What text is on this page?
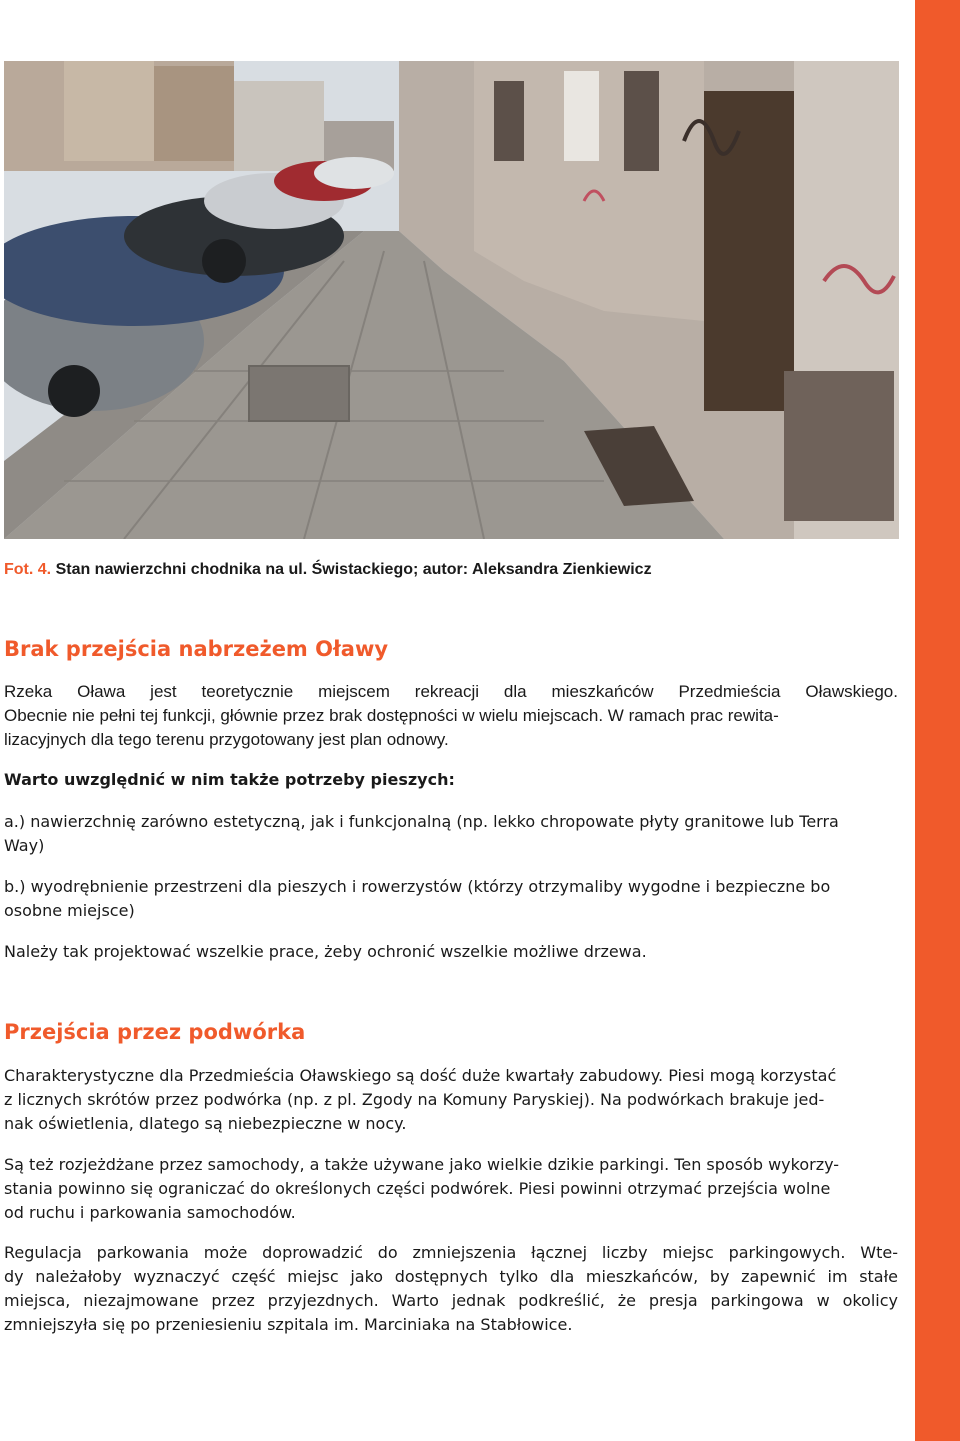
Fot. 4. Stan nawierzchni chodnika na ul. Świstackiego; autor: Aleksandra Zienkiewicz
Brak przejścia nabrzeżem Oławy
Rzeka Oława jest teoretycznie miejscem rekreacji dla mieszkańców Przedmieścia Oławskiego.
Obecnie nie pełni tej funkcji, głównie przez brak dostępności w wielu miejscach. W ramach prac rewita-
lizacyjnych dla tego terenu przygotowany jest plan odnowy.

Warto uwzględnić w nim także potrzeby pieszych:

a.) nawierzchnię zarówno estetyczną, jak i funkcjonalną (np. lekko chropowate płyty granitowe lub Terra
Way)
b.) wyodrębnienie przestrzeni dla pieszych i rowerzystów (którzy otrzymaliby wygodne i bezpieczne bo
osobne miejsce)

Należy tak projektować wszelkie prace, żeby ochronić wszelkie możliwe drzewa.

Przejścia przez podwórka
Charakterystyczne dla Przedmieścia Oławskiego są dość duże kwartały zabudowy. Piesi mogą korzystać
z licznych skrótów przez podwórka (np. z pl. Zgody na Komuny Paryskiej). Na podwórkach brakuje jed-
nak oświetlenia, dlatego są niebezpieczne w nocy.
Są też rozjeżdżane przez samochody, a także używane jako wielkie dzikie parkingi. Ten sposób wykorzy-
stania powinno się ograniczać do określonych części podwórek. Piesi powinni otrzymać przejścia wolne
od ruchu i parkowania samochodów.
Regulacja parkowania może doprowadzić do zmniejszenia łącznej liczby miejsc parkingowych. Wte-
dy należałoby wyznaczyć część miejsc jako dostępnych tylko dla mieszkańców, by zapewnić im stałe
miejsca, niezajmowane przez przyjezdnych. Warto jednak podkreślić, że presja parkingowa w okolicy
zmniejszyła się po przeniesieniu szpitala im. Marciniaka na Stabłowice.
